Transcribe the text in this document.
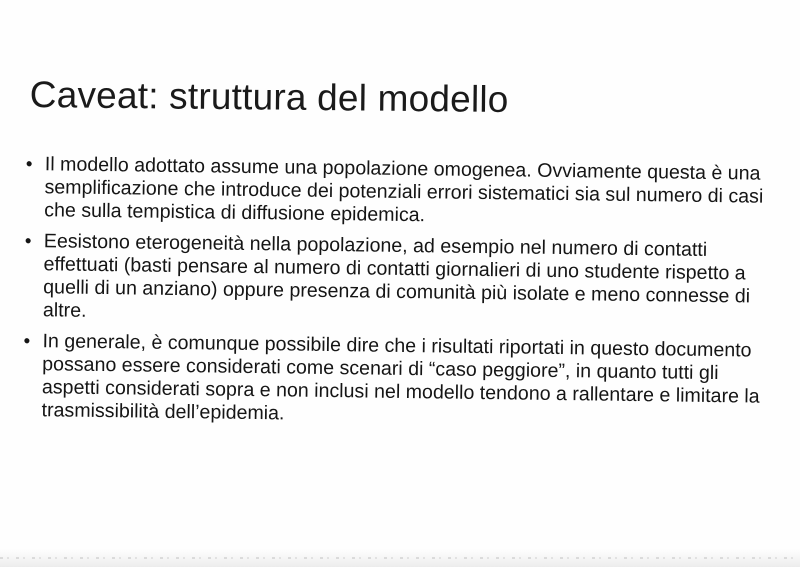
Caveat: struttura del modello
• Il modello adottato assume una popolazione omogenea. Ovviamente questa è una semplificazione che introduce dei potenziali errori sistematici sia sul numero di casi che sulla tempistica di diffusione epidemica.
• Eesistono eterogeneità nella popolazione, ad esempio nel numero di contatti effettuati (basti pensare al numero di contatti giornalieri di uno studente rispetto a quelli di un anziano) oppure presenza di comunità più isolate e meno connesse di altre.
• In generale, è comunque possibile dire che i risultati riportati in questo documento possano essere considerati come scenari di “caso peggiore”, in quanto tutti gli aspetti considerati sopra e non inclusi nel modello tendono a rallentare e limitare la trasmissibilità dell’epidemia.
